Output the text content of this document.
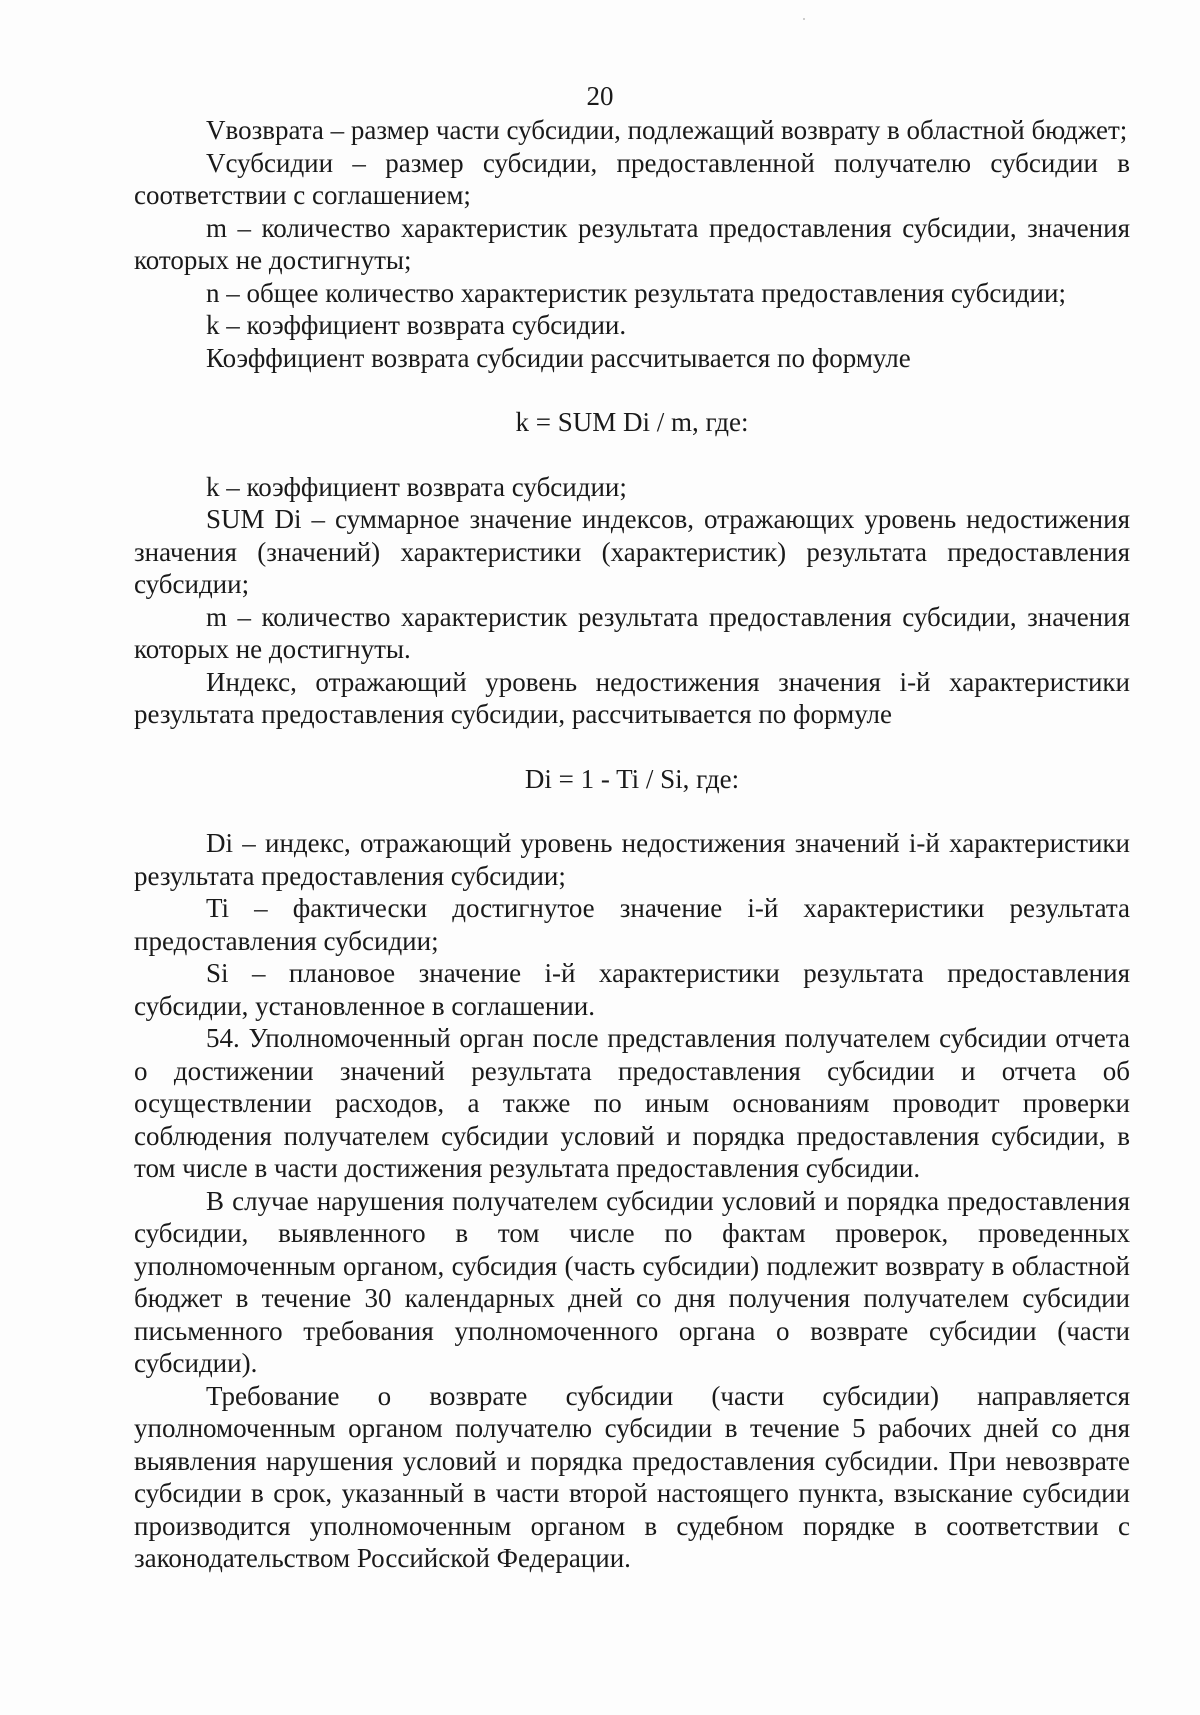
20

Vвозврата – размер части субсидии, подлежащий возврату в областной бюджет;

Vсубсидии – размер субсидии, предоставленной получателю субсидии в соответствии с соглашением;

m – количество характеристик результата предоставления субсидии, значения которых не достигнуты;

n – общее количество характеристик результата предоставления субсидии;

k – коэффициент возврата субсидии.

Коэффициент возврата субсидии рассчитывается по формуле

k = SUM Di / m, где:

k – коэффициент возврата субсидии;

SUM Di – суммарное значение индексов, отражающих уровень недостижения значения (значений) характеристики (характеристик) результата предоставления субсидии;

m – количество характеристик результата предоставления субсидии, значения которых не достигнуты.

Индекс, отражающий уровень недостижения значения i-й характеристики результата предоставления субсидии, рассчитывается по формуле

Di = 1 - Ti / Si, где:

Di – индекс, отражающий уровень недостижения значений i-й характеристики результата предоставления субсидии;

Ti – фактически достигнутое значение i-й характеристики результата предоставления субсидии;

Si – плановое значение i-й характеристики результата предоставления субсидии, установленное в соглашении.

54. Уполномоченный орган после представления получателем субсидии отчета о достижении значений результата предоставления субсидии и отчета об осуществлении расходов, а также по иным основаниям проводит проверки соблюдения получателем субсидии условий и порядка предоставления субсидии, в том числе в части достижения результата предоставления субсидии.

В случае нарушения получателем субсидии условий и порядка предоставления субсидии, выявленного в том числе по фактам проверок, проведенных уполномоченным органом, субсидия (часть субсидии) подлежит возврату в областной бюджет в течение 30 календарных дней со дня получения получателем субсидии письменного требования уполномоченного органа о возврате субсидии (части субсидии).

Требование о возврате субсидии (части субсидии) направляется уполномоченным органом получателю субсидии в течение 5 рабочих дней со дня выявления нарушения условий и порядка предоставления субсидии. При невозврате субсидии в срок, указанный в части второй настоящего пункта, взыскание субсидии производится уполномоченным органом в судебном порядке в соответствии с законодательством Российской Федерации.
